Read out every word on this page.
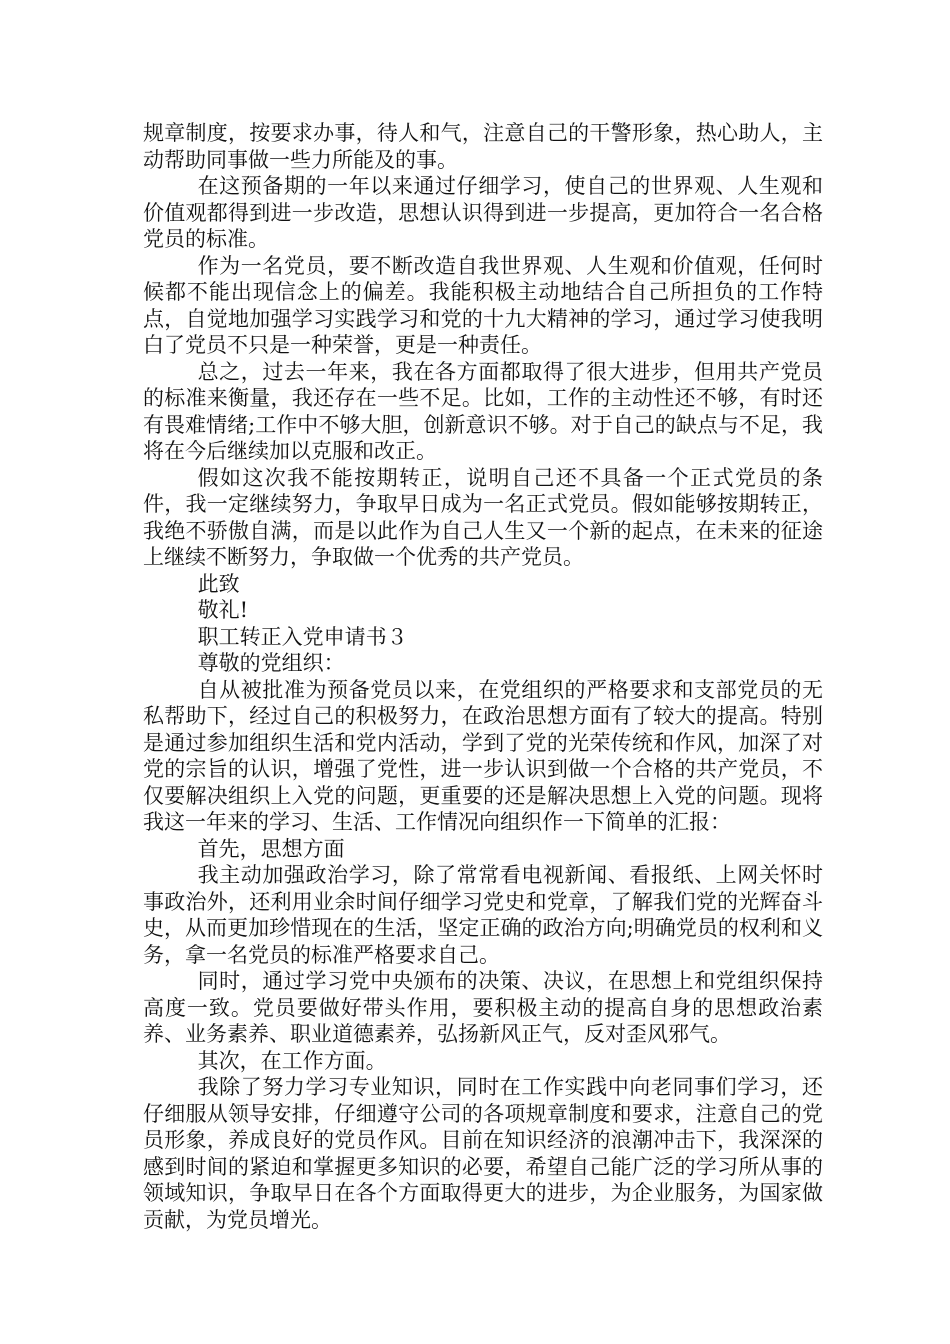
规章制度，按要求办事，待人和气，注意自己的干警形象，热心助人，主动帮助同事做一些力所能及的事。

在这预备期的一年以来通过仔细学习，使自己的世界观、人生观和价值观都得到进一步改造，思想认识得到进一步提高，更加符合一名合格党员的标准。

作为一名党员，要不断改造自我世界观、人生观和价值观，任何时候都不能出现信念上的偏差。我能积极主动地结合自己所担负的工作特点，自觉地加强学习实践学习和党的十九大精神的学习，通过学习使我明白了党员不只是一种荣誉，更是一种责任。

总之，过去一年来，我在各方面都取得了很大进步，但用共产党员的标准来衡量，我还存在一些不足。比如，工作的主动性还不够，有时还有畏难情绪;工作中不够大胆，创新意识不够。对于自己的缺点与不足，我将在今后继续加以克服和改正。

假如这次我不能按期转正，说明自己还不具备一个正式党员的条件，我一定继续努力，争取早日成为一名正式党员。假如能够按期转正，我绝不骄傲自满，而是以此作为自己人生又一个新的起点，在未来的征途上继续不断努力，争取做一个优秀的共产党员。

此致

敬礼!

职工转正入党申请书３

尊敬的党组织：

自从被批准为预备党员以来，在党组织的严格要求和支部党员的无私帮助下，经过自己的积极努力，在政治思想方面有了较大的提高。特别是通过参加组织生活和党内活动，学到了党的光荣传统和作风，加深了对党的宗旨的认识，增强了党性，进一步认识到做一个合格的共产党员，不仅要解决组织上入党的问题，更重要的还是解决思想上入党的问题。现将我这一年来的学习、生活、工作情况向组织作一下简单的汇报：

首先，思想方面

我主动加强政治学习，除了常常看电视新闻、看报纸、上网关怀时事政治外，还利用业余时间仔细学习党史和党章，了解我们党的光辉奋斗史，从而更加珍惜现在的生活，坚定正确的政治方向;明确党员的权利和义务，拿一名党员的标准严格要求自己。

同时，通过学习党中央颁布的决策、决议，在思想上和党组织保持高度一致。党员要做好带头作用，要积极主动的提高自身的思想政治素养、业务素养、职业道德素养，弘扬新风正气，反对歪风邪气。

其次，在工作方面。

我除了努力学习专业知识，同时在工作实践中向老同事们学习，还仔细服从领导安排，仔细遵守公司的各项规章制度和要求，注意自己的党员形象，养成良好的党员作风。目前在知识经济的浪潮冲击下，我深深的感到时间的紧迫和掌握更多知识的必要，希望自己能广泛的学习所从事的领域知识，争取早日在各个方面取得更大的进步，为企业服务，为国家做贡献，为党员增光。
